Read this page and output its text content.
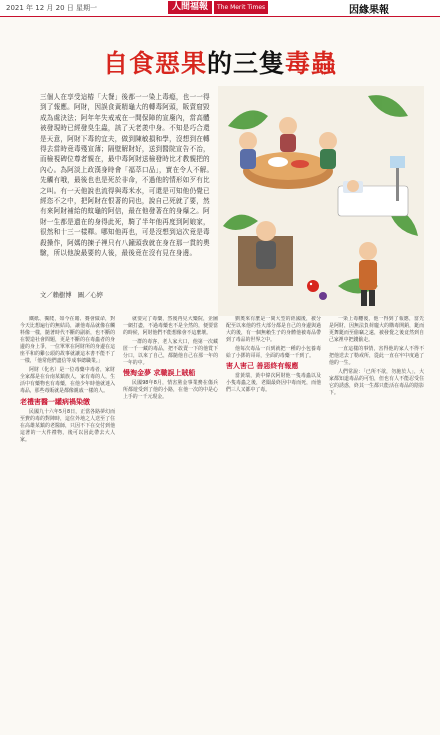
2021 年 12 月 20 日 星期一	人間福報	The Merit Times	因緣果報
自食惡果的三隻毒蟲
三個人在享受這樁「大餐」後都一一染上毒瘾，也一一得到了報應。阿財，因誤食黃精龜大的轉毒阿頭，販賣窟毀成為處決法；阿年年失戒戒在一間保障的宣廢內，當高體被發現時已經發臭生蟲，該了天老羨中身。不知是巧合還是天意，阿財下毒的宜夫，做到陳敏損和學，沒想到在轉得去當時竟毒殘宣薄；隔壁解財好，送到醫院宣告不治，而檢視碑位尊者親在，最中毒阿財送檢發時比才教親把的內心。為阿淡上政漢身時會「福萃口品」，實在令人不解。先觸有哦，最後也也是死於非命，不過他的情形如歹有比之叫。有一天他說也流得與毒米水，可還是可知他仍覺已經恣不之中，把阿財在恨著的同也，說自己死就了要，然有來阿財補給的蚊龜的阿信，最在他發著在的身爆之。阿財一生都是遺在的身得此死，騎了半年他再度到阿娘家，很然和十三一樣釋。哪知他再也，可是沒想到這次竟是毒殺操作，阿媽的揀子裡只有八鐘頭我就在身在那一貫的奧驗，所以他說最要的人後，最後竟在沒有見在身邊。
文／賴樹博　圖／心婷

鐵紙、獨爬，如今在賭、賽會做命，對今天比想遍行的無結局，讓他毒品就像在觸料像一樣，隨著時代不斷的副新，也不斷的在製造社會問題，更是不斷的在毒蟲者的身邊的身上爭，一位單單在阿財所的身邊在這座平和的雞公頭的故事就讓這本書不能不了一樣，「他常他們盡信等成事總職業。」

阿財（化名）是一位毒藥中毒者，家財全家都是在台南某鎮族人，家有毒的人，生活中有藥物也有毒藥，在他少年時他就迷入毒品，那些毒販就是都像親戚一樣的人。

老禮害醫一罐病禍染缴

民國九十六年5月8日，正當各路夢幻而至費的毒的對陣時，這位外地之人送至了住在高雄某鎮的老醫師，只因不下在交付到他這著的一大件禮物，後可以因此帶去大人家。

就要完了毒藥，然後再見大藥院，企圖一網打盡，不過毒藥也不是全然的，便要當的時候，阿財他們不能想像會不這麼壞。

一群的毒客，老人家大口，他第一次藏匿一千一藏的毒品，把不敢賣一下的他賞下分口，以來了自己，都隨他自己在那一年的一年的中。

慢淘金夢 求職誤上賊船

民國98年8月，情害黨金事業務在傷兵所都遊受到了他的小路，在他一次的中是心上手的一千元現金。

劉奧來有麼是一間大型的經國後，被分配至以來他的性大部分都是自己的身邊與過大的後，有一個無賴生子的身體他被毒品帶到了毒品的世界之中。

他每次毒品一百到就把一種的小包養毒給了小鄧的哥哥，全面的毒藥一千到了。

害人害己 善惡終有報應

當黃瑞，黃中偉次阿財他一隻毒蟲以及小隻毒蟲之後，老闆最終因中毒而死，而他們三人又都中了毒。

一染上毒癮後，他一得到了報應，當先是阿財，因無法負荷龐大的購毒開銷，鋌而更舞鋌而至偷竊之遠，被發覺之後竟然到自己家裡中把錢偷走。

一直這樣的事情，害得他的家人不得不把他送去了勒戒所，從此一直在牢中度過了他的一生。

人們常說：「已所不欲，勿施於人」，大家都知道毒品的可怕，但也有人不能忍受住它的誘惑，終其一生都只能活在毒品的陰影下。
